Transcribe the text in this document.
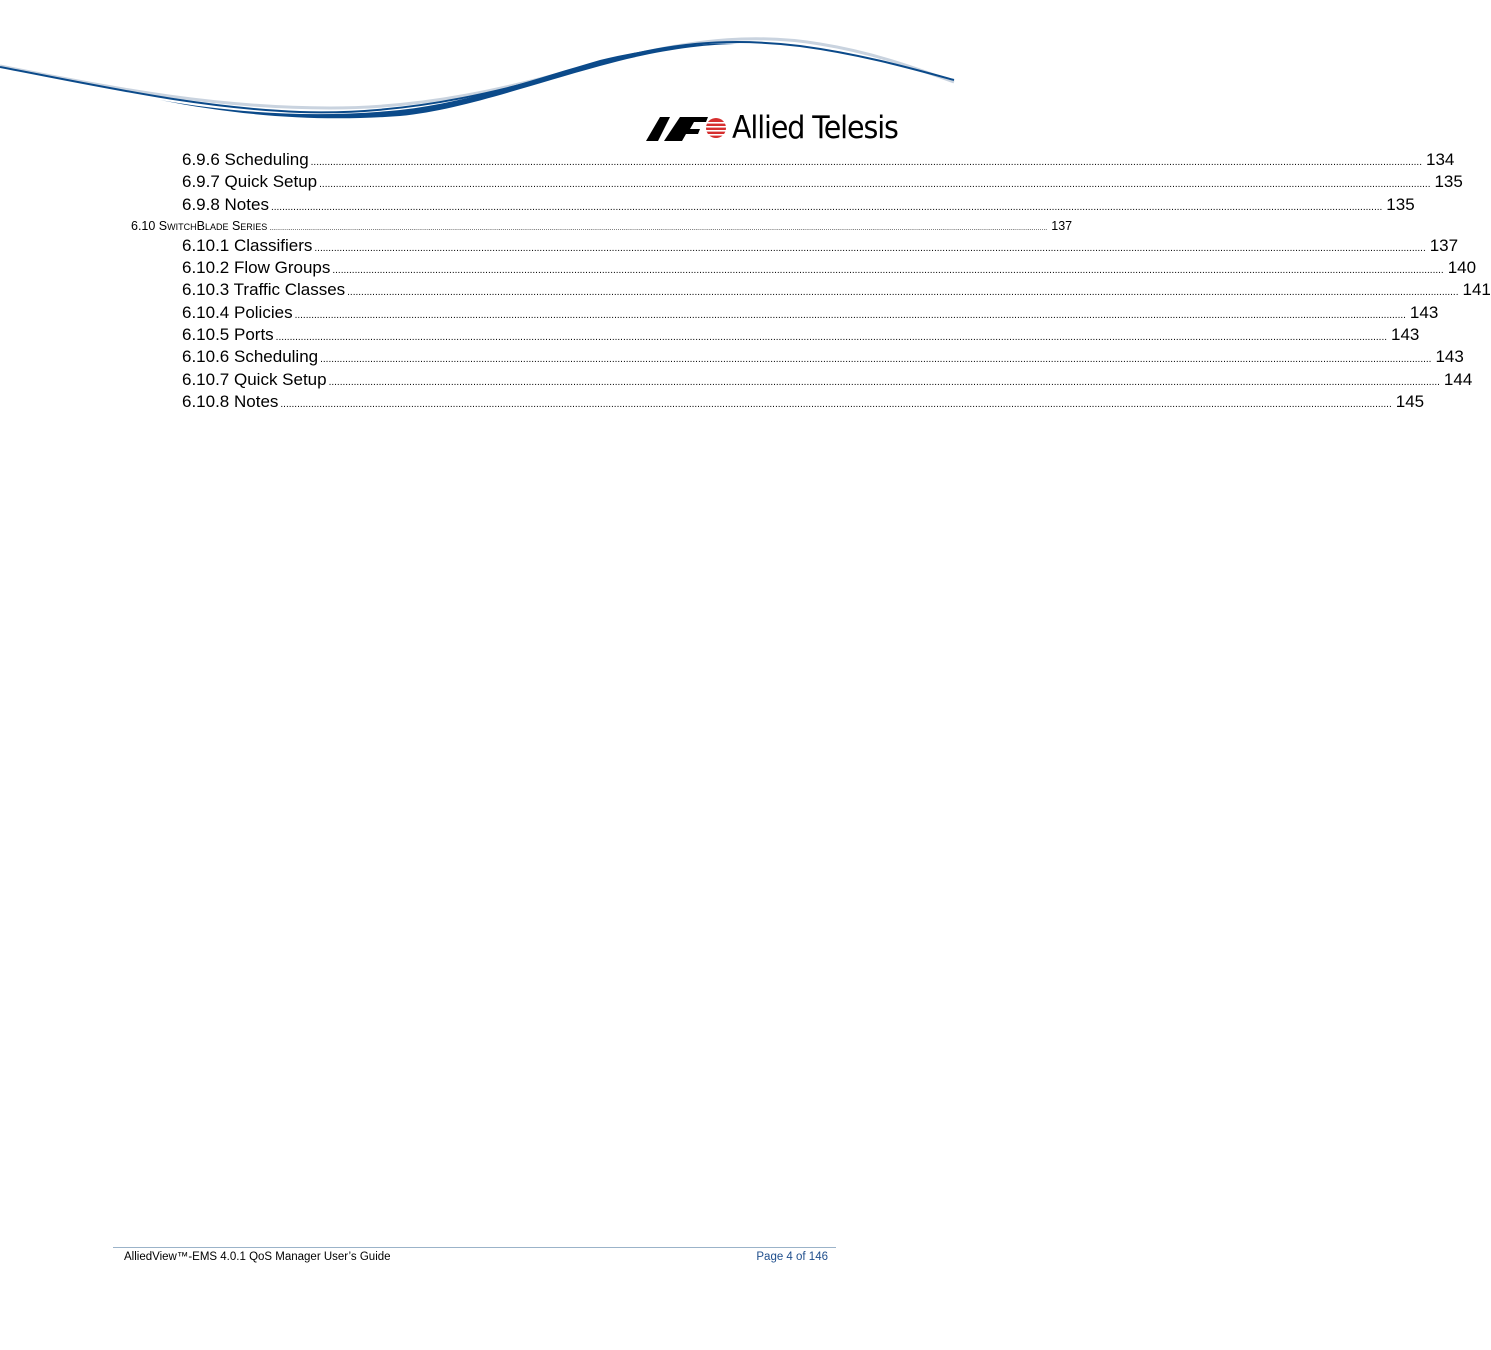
Allied Telesis
6.9.6 Scheduling ................................................................................................................................................................................................................................................................................................................................................................................................................ 134
6.9.7 Quick Setup ................................................................................................................................................................................................................................................................................................................................................................................................................ 135
6.9.8 Notes ................................................................................................................................................................................................................................................................................................................................................................................................................ 135
6.10 SwitchBlade Series ................................................................................................................................................................................................................................................................................................................................................................................................................ 137
6.10.1 Classifiers ................................................................................................................................................................................................................................................................................................................................................................................................................ 137
6.10.2 Flow Groups ................................................................................................................................................................................................................................................................................................................................................................................................................ 140
6.10.3 Traffic Classes ................................................................................................................................................................................................................................................................................................................................................................................................................ 141
6.10.4 Policies ................................................................................................................................................................................................................................................................................................................................................................................................................ 143
6.10.5 Ports ................................................................................................................................................................................................................................................................................................................................................................................................................ 143
6.10.6 Scheduling ................................................................................................................................................................................................................................................................................................................................................................................................................ 143
6.10.7 Quick Setup ................................................................................................................................................................................................................................................................................................................................................................................................................ 144
6.10.8 Notes ................................................................................................................................................................................................................................................................................................................................................................................................................ 145
AlliedView™-EMS 4.0.1 QoS Manager User’s Guide	Page 4 of 146
